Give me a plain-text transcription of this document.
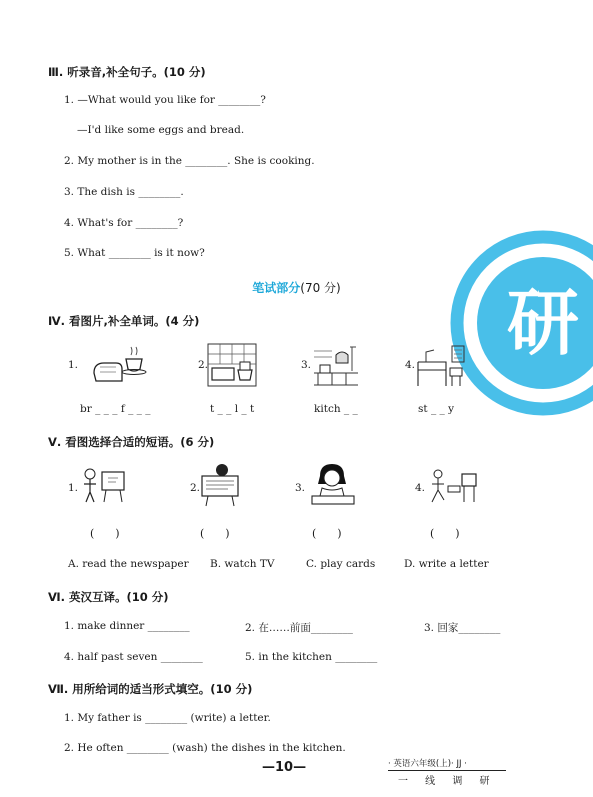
Ⅲ. 听录音,补全句子。(10 分)
1. —What would you like for ________?
—I'd like some eggs and bread.
2. My mother is in the ________. She is cooking.
3. The dish is ________.
4. What's for ________?
5. What ________ is it now?
研
笔试部分(70 分)
Ⅳ. 看图片,补全单词。(4 分)
1.
br _ _ _ f _ _ _
2.
t _ _ l _ t
3.
kitch _ _
4.
st _ _ y
Ⅴ. 看图选择合适的短语。(6 分)
1.
(      )
2.
(      )
3.
(      )
4.
(      )
A. read the newspaper B. watch TV	C. play cards	D. write a letter
Ⅵ. 英汉互译。(10 分)
1. make dinner ________	2. 在……前面________	3. 回家________
4. half past seven ________	5. in the kitchen ________
Ⅶ. 用所给词的适当形式填空。(10 分)
1. My father is ________ (write) a letter.
2. He often ________ (wash) the dishes in the kitchen.
—10—	· 英语六年级(上)· JJ ·
一 线 调 研
